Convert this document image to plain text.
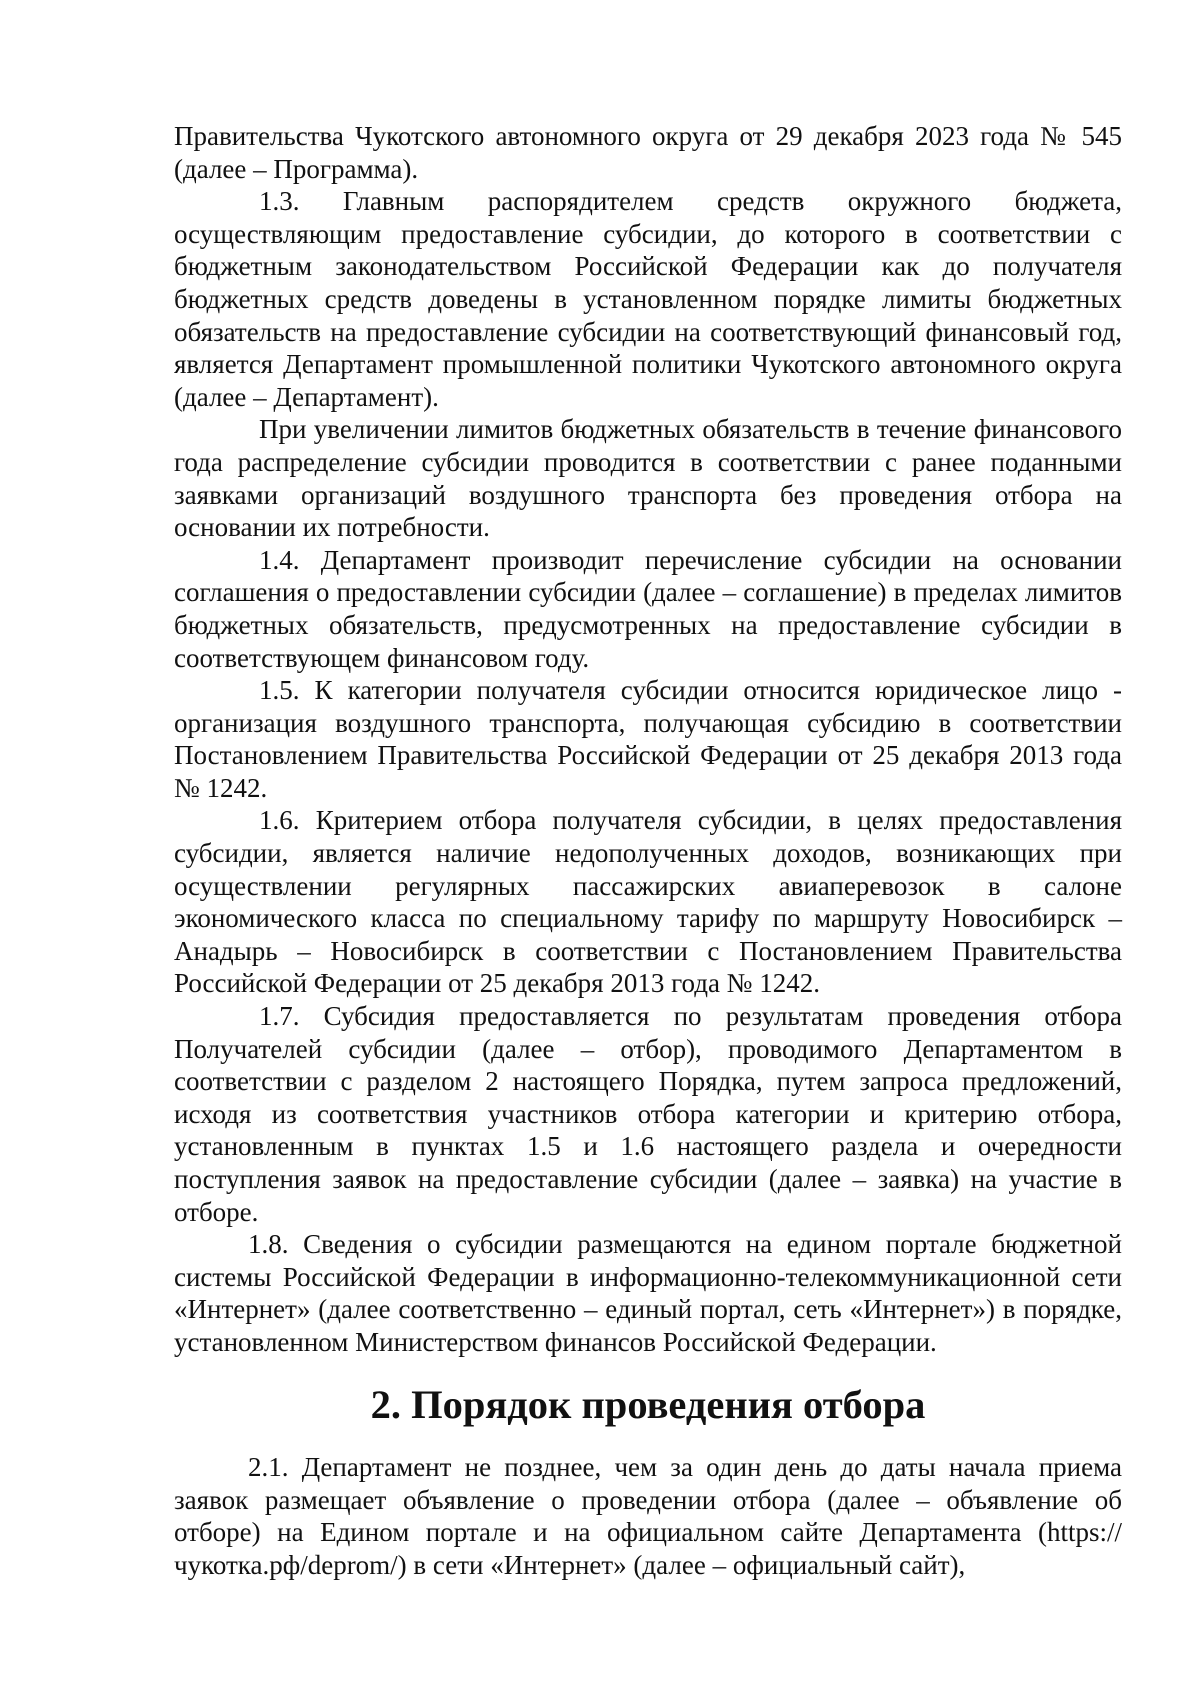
Правительства Чукотского автономного округа от 29 декабря 2023 года № 545 (далее – Программа).

1.3. Главным распорядителем средств окружного бюджета, осуществляющим предоставление субсидии, до которого в соответствии с бюджетным законодательством Российской Федерации как до получателя бюджетных средств доведены в установленном порядке лимиты бюджетных обязательств на предоставление субсидии на соответствующий финансовый год, является Департамент промышленной политики Чукотского автономного округа (далее – Департамент).

При увеличении лимитов бюджетных обязательств в течение финансового года распределение субсидии проводится в соответствии с ранее поданными заявками организаций воздушного транспорта без проведения отбора на основании их потребности.

1.4. Департамент производит перечисление субсидии на основании соглашения о предоставлении субсидии (далее – соглашение) в пределах лимитов бюджетных обязательств, предусмотренных на предоставление субсидии в соответствующем финансовом году.

1.5. К категории получателя субсидии относится юридическое лицо - организация воздушного транспорта, получающая субсидию в соответствии Постановлением Правительства Российской Федерации от 25 декабря 2013 года № 1242.

1.6. Критерием отбора получателя субсидии, в целях предоставления субсидии, является наличие недополученных доходов, возникающих при осуществлении регулярных пассажирских авиаперевозок в салоне экономического класса по специальному тарифу по маршруту Новосибирск – Анадырь – Новосибирск в соответствии с Постановлением Правительства Российской Федерации от 25 декабря 2013 года № 1242.

1.7. Субсидия предоставляется по результатам проведения отбора Получателей субсидии (далее – отбор), проводимого Департаментом в соответствии с разделом 2 настоящего Порядка, путем запроса предложений, исходя из соответствия участников отбора категории и критерию отбора, установленным в пунктах 1.5 и 1.6 настоящего раздела и очередности поступления заявок на предоставление субсидии (далее – заявка) на участие в отборе.

1.8. Сведения о субсидии размещаются на едином портале бюджетной системы Российской Федерации в информационно-телекоммуникационной сети «Интернет» (далее соответственно – единый портал, сеть «Интернет») в порядке, установленном Министерством финансов Российской Федерации.

2. Порядок проведения отбора

2.1. Департамент не позднее, чем за один день до даты начала приема заявок размещает объявление о проведении отбора (далее – объявление об отборе) на Едином портале и на официальном сайте Департамента (https://чукотка.рф/deprom/) в сети «Интернет» (далее – официальный сайт),
